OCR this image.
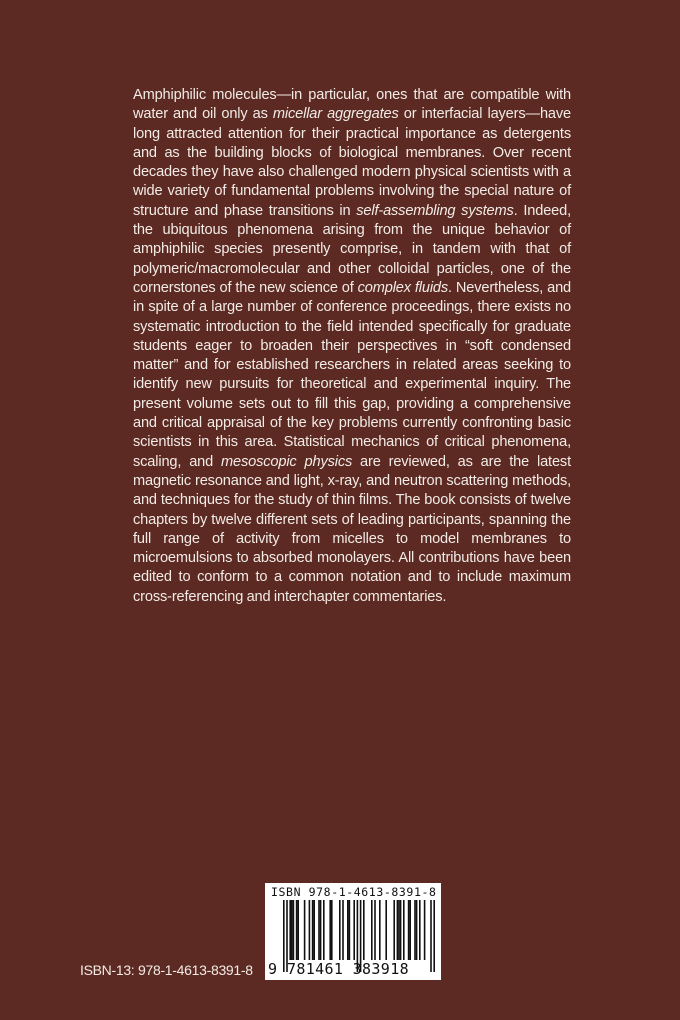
Amphiphilic molecules—in particular, ones that are compatible with water and oil only as micellar aggregates or interfacial layers—have long attracted attention for their practical importance as detergents and as the building blocks of biological membranes. Over recent decades they have also challenged modern physical scientists with a wide variety of fundamental problems involving the special nature of structure and phase transitions in self-assembling systems. Indeed, the ubiquitous phenomena arising from the unique behavior of amphiphilic species presently comprise, in tandem with that of polymeric/macromolecular and other colloidal particles, one of the cornerstones of the new science of complex fluids. Nevertheless, and in spite of a large number of conference proceedings, there exists no systematic introduction to the field intended specifically for graduate students eager to broaden their perspectives in “soft condensed matter” and for established researchers in related areas seeking to identify new pursuits for theoretical and experimental inquiry. The present volume sets out to fill this gap, providing a comprehensive and critical appraisal of the key problems currently confronting basic scientists in this area. Statistical mechanics of critical phenomena, scaling, and mesoscopic physics are reviewed, as are the latest magnetic resonance and light, x-ray, and neutron scattering methods, and techniques for the study of thin films. The book consists of twelve chapters by twelve different sets of leading participants, spanning the full range of activity from micelles to model membranes to microemulsions to absorbed monolayers. All contributions have been edited to conform to a common notation and to include maximum cross-referencing and interchapter commentaries.
ISBN-13: 978-1-4613-8391-8
ISBN 978-1-4613-8391-8
9 781461 383918
